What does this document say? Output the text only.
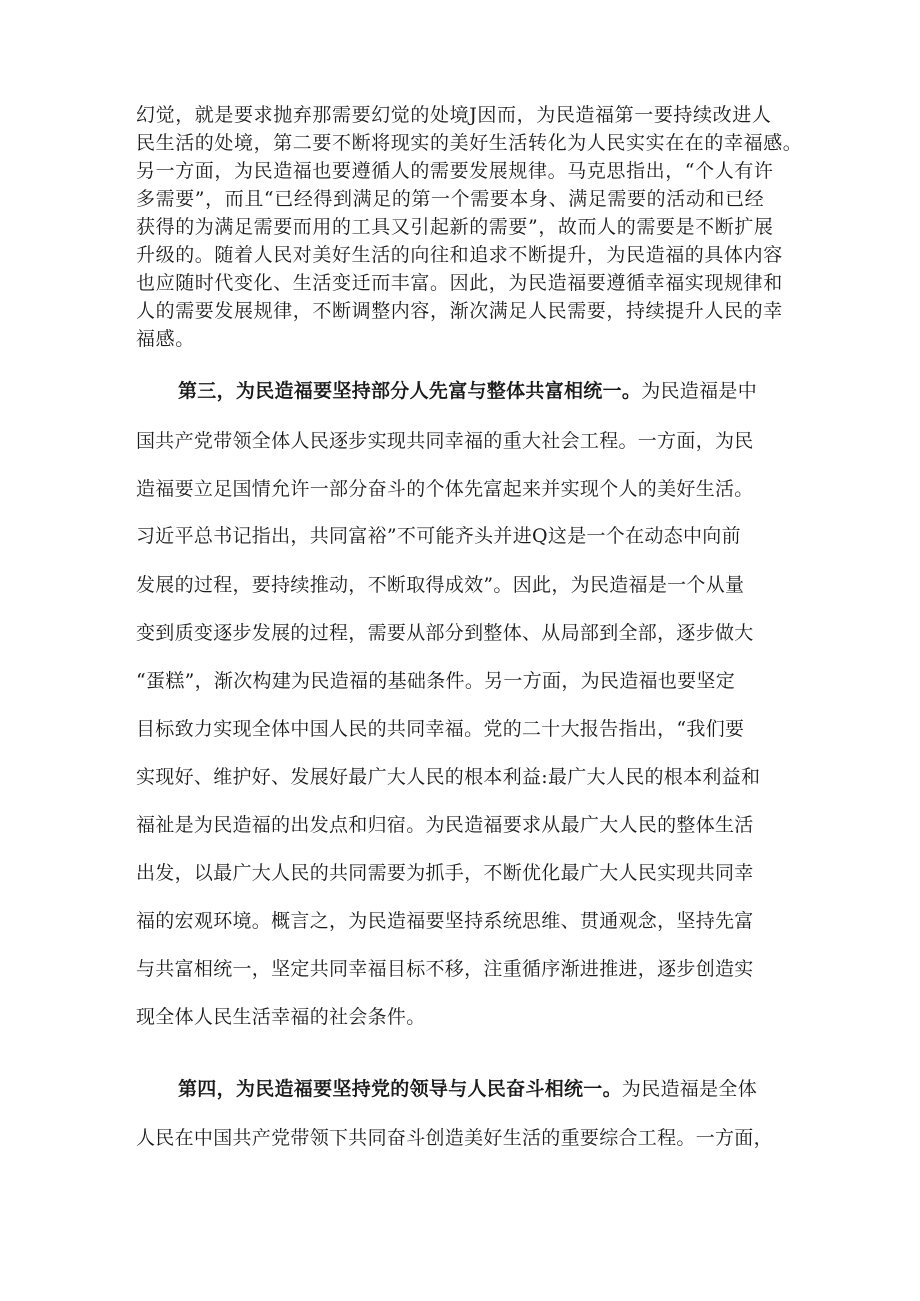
幻觉，就是要求抛弃那需要幻觉的处境J因而，为民造福第一要持续改进人
民生活的处境，第二要不断将现实的美好生活转化为人民实实在在的幸福感。
另一方面，为民造福也要遵循人的需要发展规律。马克思指出，“个人有许
多需要”，而且“已经得到满足的第一个需要本身、满足需要的活动和已经
获得的为满足需要而用的工具又引起新的需要”，故而人的需要是不断扩展
升级的。随着人民对美好生活的向往和追求不断提升，为民造福的具体内容
也应随时代变化、生活变迁而丰富。因此，为民造福要遵循幸福实现规律和
人的需要发展规律，不断调整内容，渐次满足人民需要，持续提升人民的幸
福感。
第三，为民造福要坚持部分人先富与整体共富相统一。为民造福是中
国共产党带领全体人民逐步实现共同幸福的重大社会工程。一方面，为民
造福要立足国情允许一部分奋斗的个体先富起来并实现个人的美好生活。
习近平总书记指出，共同富裕”不可能齐头并进Q这是一个在动态中向前
发展的过程，要持续推动，不断取得成效”。因此，为民造福是一个从量
变到质变逐步发展的过程，需要从部分到整体、从局部到全部，逐步做大
“蛋糕”，渐次构建为民造福的基础条件。另一方面，为民造福也要坚定
目标致力实现全体中国人民的共同幸福。党的二十大报告指出，“我们要
实现好、维护好、发展好最广大人民的根本利益:最广大人民的根本利益和
福祉是为民造福的出发点和归宿。为民造福要求从最广大人民的整体生活
出发，以最广大人民的共同需要为抓手，不断优化最广大人民实现共同幸
福的宏观环境。概言之，为民造福要坚持系统思维、贯通观念，坚持先富
与共富相统一，坚定共同幸福目标不移，注重循序渐进推进，逐步创造实
现全体人民生活幸福的社会条件。
第四，为民造福要坚持党的领导与人民奋斗相统一。为民造福是全体
人民在中国共产党带领下共同奋斗创造美好生活的重要综合工程。一方面，
